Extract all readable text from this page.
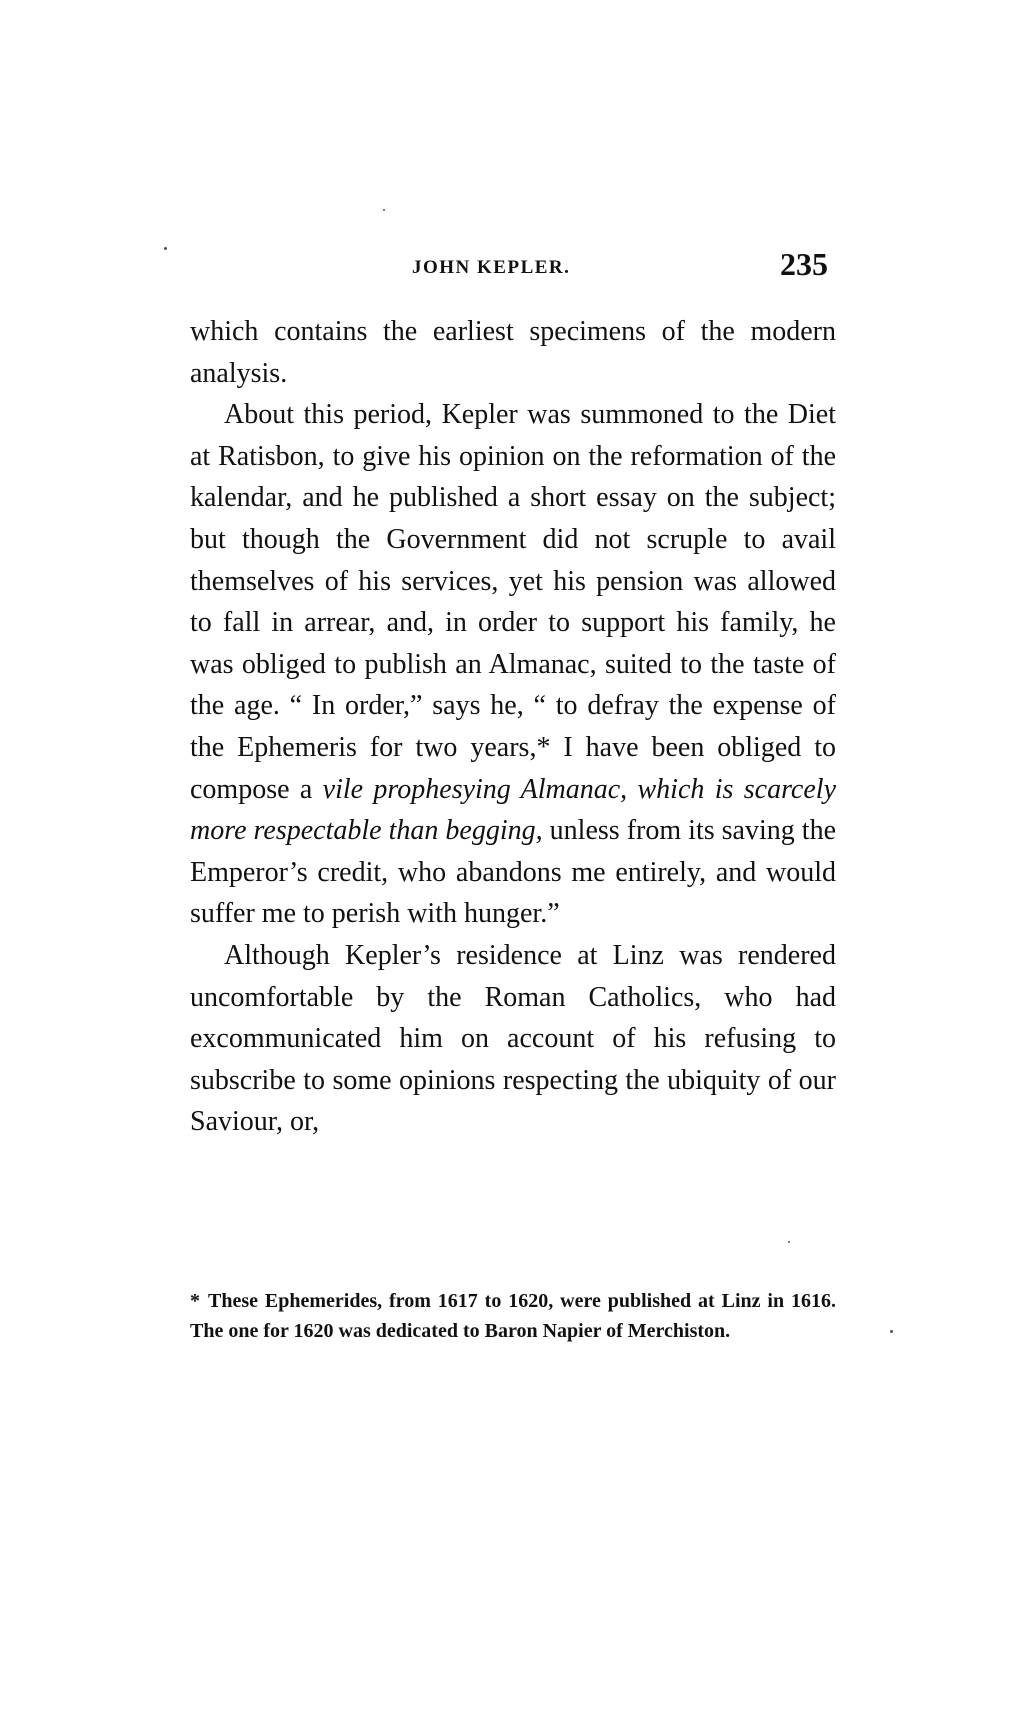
JOHN KEPLER.	235

which contains the earliest specimens of the modern analysis.

About this period, Kepler was summoned to the Diet at Ratisbon, to give his opinion on the reformation of the kalendar, and he published a short essay on the subject; but though the Government did not scruple to avail themselves of his services, yet his pension was allowed to fall in arrear, and, in order to support his family, he was obliged to publish an Almanac, suited to the taste of the age. “ In order,” says he, “ to defray the expense of the Ephemeris for two years,* I have been obliged to compose a vile prophesying Almanac, which is scarcely more respectable than begging, unless from its saving the Emperor’s credit, who abandons me entirely, and would suffer me to perish with hunger.”

Although Kepler’s residence at Linz was rendered uncomfortable by the Roman Catholics, who had excommunicated him on account of his refusing to subscribe to some opinions respecting the ubiquity of our Saviour, or,

* These Ephemerides, from 1617 to 1620, were published at Linz in 1616. The one for 1620 was dedicated to Baron Napier of Merchiston.
